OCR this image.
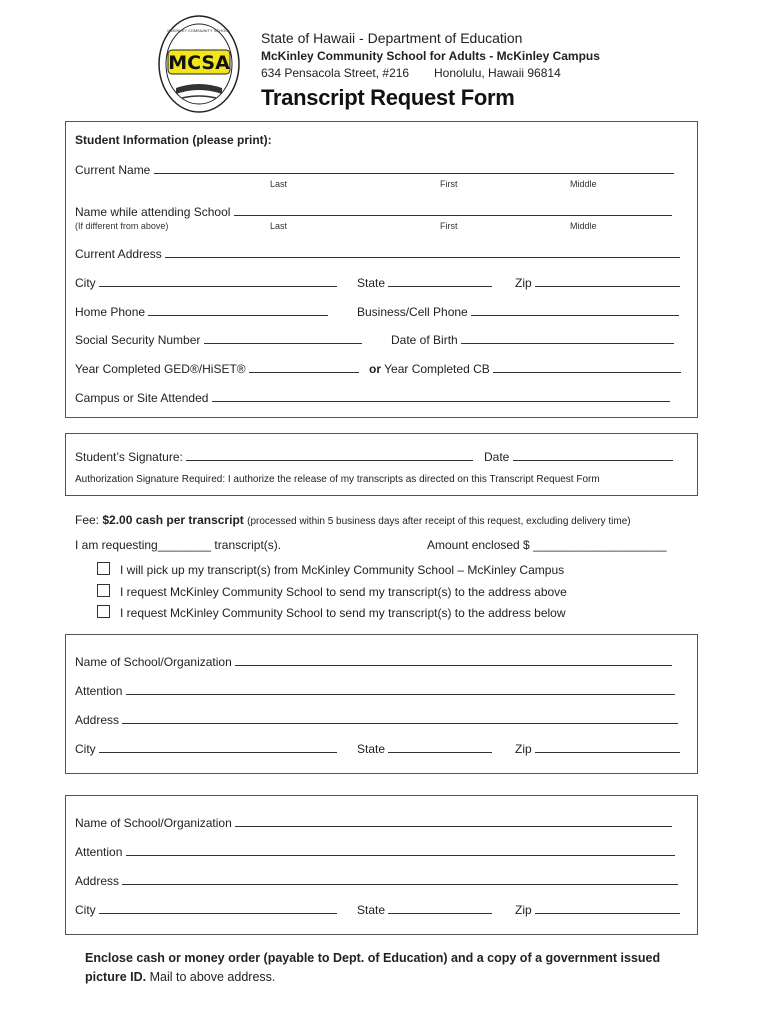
MCSA
McKINLEY COMMUNITY SCHOOL	State of Hawaii - Department of Education
McKinley Community School for Adults - McKinley Campus
634 Pensacola Street, #216 Honolulu, Hawaii 96814
Transcript Request Form
Student Information (please print):
Current Name
Last	First	Middle
Name while attending School
(If different from above)	Last	First	Middle
Current Address
City	State	Zip
Home Phone	Business/Cell Phone
Social Security Number	Date of Birth
Year Completed GED®/HiSET®	or Year Completed CB
Campus or Site Attended
Student’s Signature:	Date
Authorization Signature Required: I authorize the release of my transcripts as directed on this Transcript Request Form
Fee: $2.00 cash per transcript (processed within 5 business days after receipt of this request, excluding delivery time)
I am requesting________ transcript(s).	Amount enclosed $ ____________________
I will pick up my transcript(s) from McKinley Community School – McKinley Campus
I request McKinley Community School to send my transcript(s) to the address above
I request McKinley Community School to send my transcript(s) to the address below
Name of School/Organization
Attention
Address
City	State	Zip
Name of School/Organization
Attention
Address
City	State	Zip
Enclose cash or money order (payable to Dept. of Education) and a copy of a government issued picture ID. Mail to above address.
